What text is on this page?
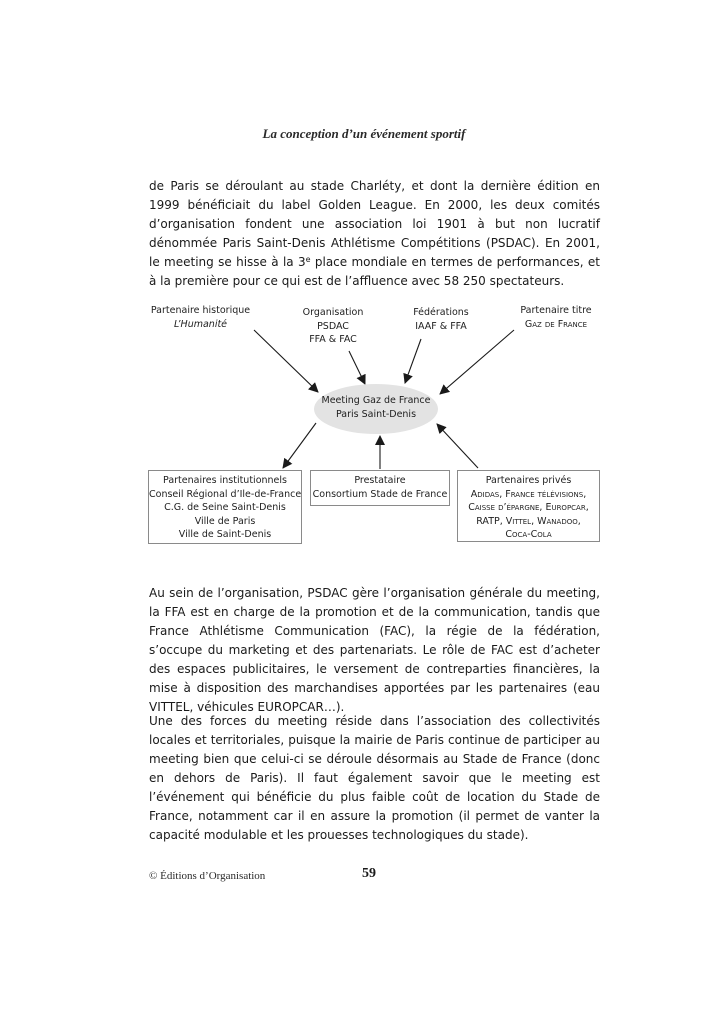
La conception d’un événement sportif

de Paris se déroulant au stade Charléty, et dont la dernière édition en 1999 bénéficiait du label Golden League. En 2000, les deux comités d’organisation fondent une association loi 1901 à but non lucratif dénommée Paris Saint-Denis Athlétisme Compétitions (PSDAC). En 2001, le meeting se hisse à la 3e place mondiale en termes de performances, et à la première pour ce qui est de l’affluence avec 58 250 spectateurs.

Partenaire historique
L’Humanité
Organisation
PSDAC
FFA & FAC
Fédérations
IAAF & FFA
Partenaire titre
Gaz de France
Meeting Gaz de France
Paris Saint-Denis
Partenaires institutionnels
Conseil Régional d’Ile-de-France
C.G. de Seine Saint-Denis
Ville de Paris
Ville de Saint-Denis
Prestataire
Consortium Stade de France
Partenaires privés
Adidas, France télévisions,
Caisse d’épargne, Europcar,
RATP, Vittel, Wanadoo,
Coca-Cola

Au sein de l’organisation, PSDAC gère l’organisation générale du meeting, la FFA est en charge de la promotion et de la communication, tandis que France Athlétisme Communication (FAC), la régie de la fédération, s’occupe du marketing et des partenariats. Le rôle de FAC est d’acheter des espaces publicitaires, le versement de contreparties financières, la mise à disposition des marchandises apportées par les partenaires (eau VITTEL, véhicules EUROPCAR…).

Une des forces du meeting réside dans l’association des collectivités locales et territoriales, puisque la mairie de Paris continue de participer au meeting bien que celui-ci se déroule désormais au Stade de France (donc en dehors de Paris). Il faut également savoir que le meeting est l’événement qui bénéficie du plus faible coût de location du Stade de France, notamment car il en assure la promotion (il permet de vanter la capacité modulable et les prouesses technologiques du stade).

© Éditions d’Organisation	59
